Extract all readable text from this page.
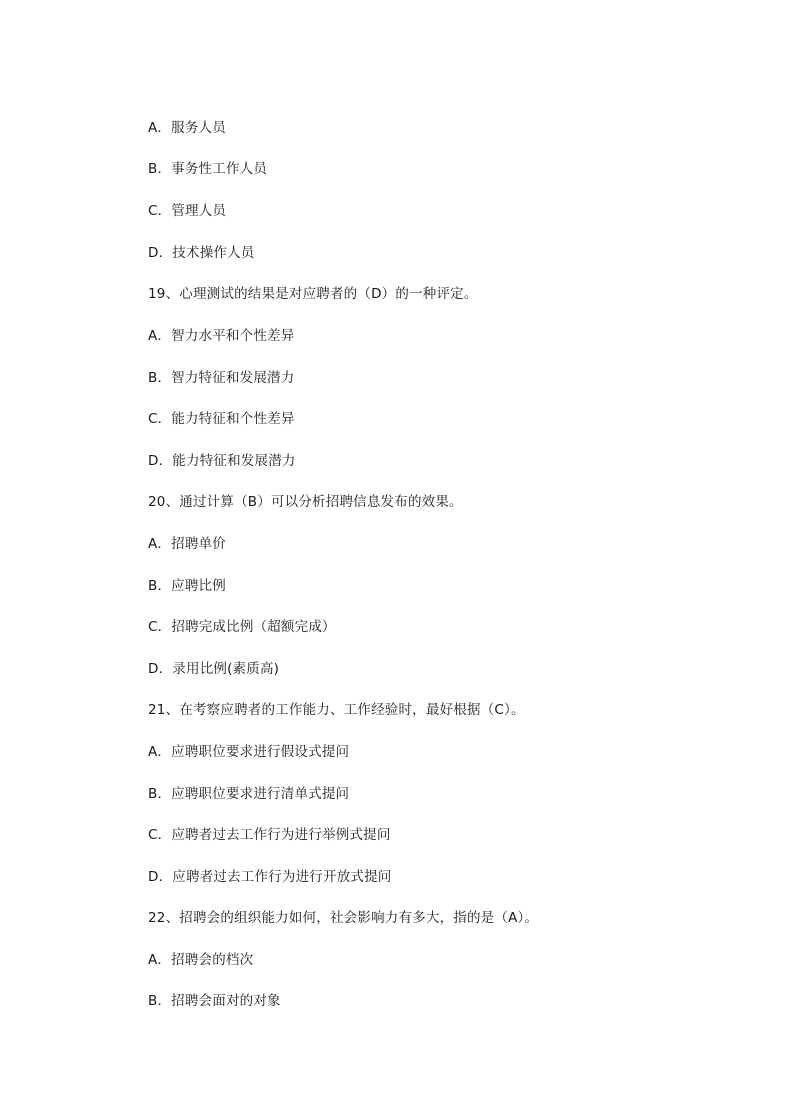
A．服务人员
B．事务性工作人员
C．管理人员
D．技术操作人员
19、心理测试的结果是对应聘者的（D）的一种评定。
A．智力水平和个性差异
B．智力特征和发展潜力
C．能力特征和个性差异
D．能力特征和发展潜力
20、通过计算（B）可以分析招聘信息发布的效果。
A．招聘单价
B．应聘比例
C．招聘完成比例（超额完成）
D．录用比例(素质高)
21、在考察应聘者的工作能力、工作经验时，最好根据（C）。
A．应聘职位要求进行假设式提问
B．应聘职位要求进行清单式提问
C．应聘者过去工作行为进行举例式提问
D．应聘者过去工作行为进行开放式提问
22、招聘会的组织能力如何，社会影响力有多大，指的是（A）。
A．招聘会的档次
B．招聘会面对的对象
